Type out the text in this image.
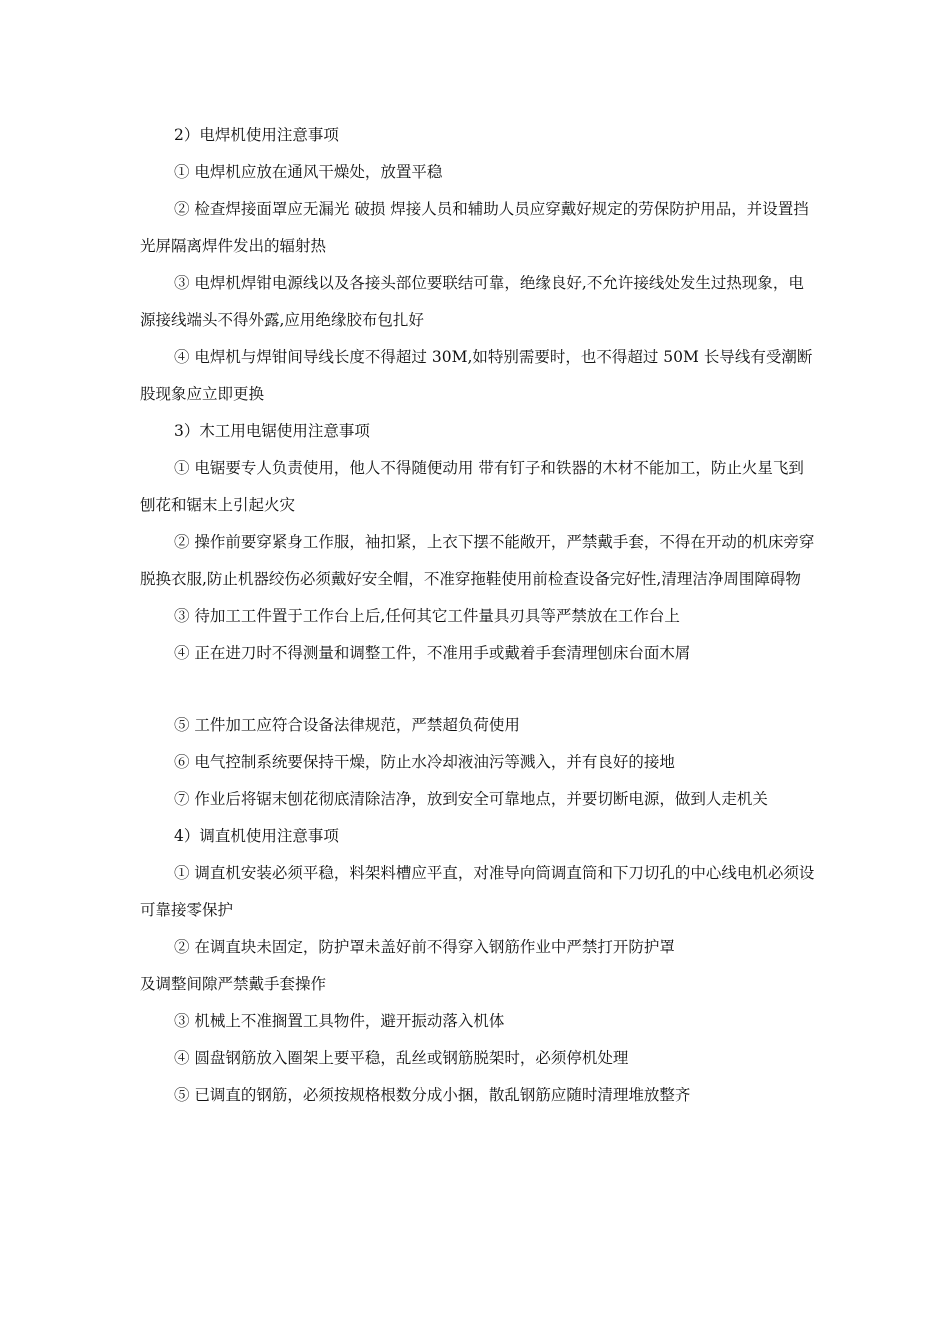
2）电焊机使用注意事项

① 电焊机应放在通风干燥处，放置平稳

② 检查焊接面罩应无漏光 破损 焊接人员和辅助人员应穿戴好规定的劳保防护用品，并设置挡光屏隔离焊件发出的辐射热

③ 电焊机焊钳电源线以及各接头部位要联结可靠，绝缘良好,不允许接线处发生过热现象，电源接线端头不得外露,应用绝缘胶布包扎好

④ 电焊机与焊钳间导线长度不得超过 30M,如特别需要时，也不得超过 50M 长导线有受潮断股现象应立即更换

3）木工用电锯使用注意事项

① 电锯要专人负责使用，他人不得随便动用 带有钉子和铁器的木材不能加工，防止火星飞到刨花和锯末上引起火灾

② 操作前要穿紧身工作服，袖扣紧，上衣下摆不能敞开，严禁戴手套，不得在开动的机床旁穿脱换衣服,防止机器绞伤必须戴好安全帽，不准穿拖鞋使用前检查设备完好性,清理洁净周围障碍物

③ 待加工工件置于工作台上后,任何其它工件量具刃具等严禁放在工作台上

④ 正在进刀时不得测量和调整工件，不准用手或戴着手套清理刨床台面木屑

⑤ 工件加工应符合设备法律规范，严禁超负荷使用

⑥ 电气控制系统要保持干燥，防止水冷却液油污等溅入，并有良好的接地

⑦ 作业后将锯末刨花彻底清除洁净，放到安全可靠地点，并要切断电源，做到人走机关

4）调直机使用注意事项

① 调直机安装必须平稳，料架料槽应平直，对准导向筒调直筒和下刀切孔的中心线电机必须设可靠接零保护

② 在调直块未固定，防护罩未盖好前不得穿入钢筋作业中严禁打开防护罩

及调整间隙严禁戴手套操作

③ 机械上不准搁置工具物件，避开振动落入机体

④ 圆盘钢筋放入圈架上要平稳，乱丝或钢筋脱架时，必须停机处理

⑤ 已调直的钢筋，必须按规格根数分成小捆，散乱钢筋应随时清理堆放整齐
